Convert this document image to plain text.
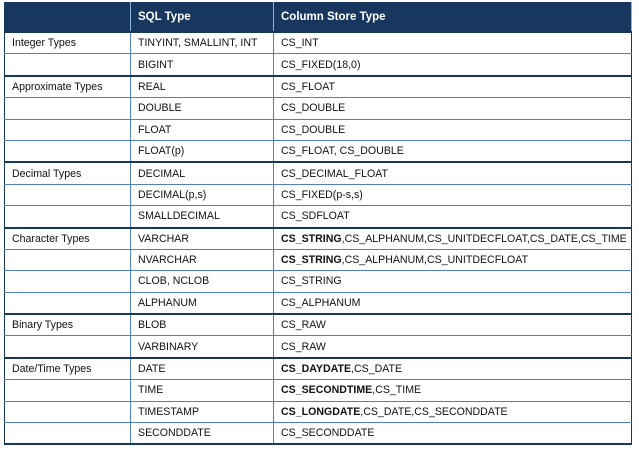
	SQL Type	Column Store Type
Integer Types	TINYINT, SMALLINT, INT	CS_INT
	BIGINT	CS_FIXED(18,0)
Approximate Types	REAL	CS_FLOAT
	DOUBLE	CS_DOUBLE
	FLOAT	CS_DOUBLE
	FLOAT(p)	CS_FLOAT, CS_DOUBLE
Decimal Types	DECIMAL	CS_DECIMAL_FLOAT
	DECIMAL(p,s)	CS_FIXED(p-s,s)
	SMALLDECIMAL	CS_SDFLOAT
Character Types	VARCHAR	CS_STRING,CS_ALPHANUM,CS_UNITDECFLOAT,CS_DATE,CS_TIME
	NVARCHAR	CS_STRING,CS_ALPHANUM,CS_UNITDECFLOAT
	CLOB, NCLOB	CS_STRING
	ALPHANUM	CS_ALPHANUM
Binary Types	BLOB	CS_RAW
	VARBINARY	CS_RAW
Date/Time Types	DATE	CS_DAYDATE,CS_DATE
	TIME	CS_SECONDTIME,CS_TIME
	TIMESTAMP	CS_LONGDATE,CS_DATE,CS_SECONDDATE
	SECONDDATE	CS_SECONDDATE
